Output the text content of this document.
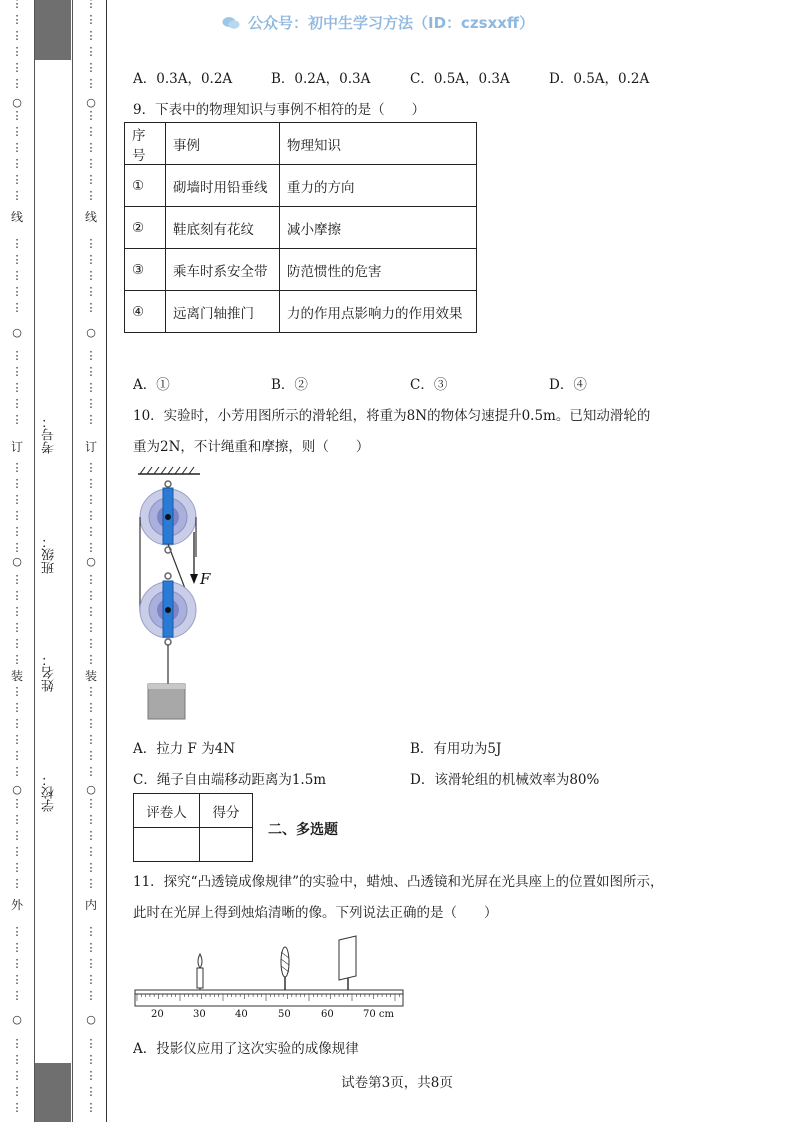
○
○
○
○
○
线
订
装
外
⋮
⋮
⋮
⋮
⋮
⋮
⋮
⋮
⋮
⋮
⋮
⋮
⋮
⋮
⋮
⋮
⋮
⋮
⋮
⋮
⋮
⋮
⋮
⋮
⋮
⋮
⋮
⋮
⋮
⋮
⋮
⋮
⋮
⋮
⋮
⋮
⋮
⋮
⋮
⋮
⋮
⋮
⋮
⋮
⋮
⋮
⋮
⋮
⋮
⋮
⋮
⋮
⋮
⋮
⋮
⋮
○
○
○
○
○
线
订
装
内
⋮
⋮
⋮
⋮
⋮
⋮
⋮
⋮
⋮
⋮
⋮
⋮
⋮
⋮
⋮
⋮
⋮
⋮
⋮
⋮
⋮
⋮
⋮
⋮
⋮
⋮
⋮
⋮
⋮
⋮
⋮
⋮
⋮
⋮
⋮
⋮
⋮
⋮
⋮
⋮
⋮
⋮
⋮
⋮
⋮
⋮
⋮
⋮
⋮
⋮
⋮
⋮
⋮
⋮
⋮
⋮
考号：
班级：
姓名：
学校：
公众号：初中生学习方法（ID：czsxxff）
A．0.3A，0.2A	B．0.2A，0.3A	C．0.5A，0.3A	D．0.5A，0.2A
9．下表中的物理知识与事例不相符的是（　　）
序号	事例	物理知识
①	砌墙时用铅垂线	重力的方向
②	鞋底刻有花纹	减小摩擦
③	乘车时系安全带	防范惯性的危害
④	远离门轴推门	力的作用点影响力的作用效果
A．①	B．②	C．③	D．④
10．实验时，小芳用图所示的滑轮组，将重为8N的物体匀速提升0.5m。已知动滑轮的
重为2N，不计绳重和摩擦，则（　　）
F
A．拉力 F 为4N	B．有用功为5J
C．绳子自由端移动距离为1.5m	D．该滑轮组的机械效率为80%
评卷人	得分

二、多选题
11．探究“凸透镜成像规律”的实验中，蜡烛、凸透镜和光屏在光具座上的位置如图所示，
此时在光屏上得到烛焰清晰的像。下列说法正确的是（　　）
20	30	40	50	60	70 cm
A．投影仪应用了这次实验的成像规律
试卷第3页，共8页
